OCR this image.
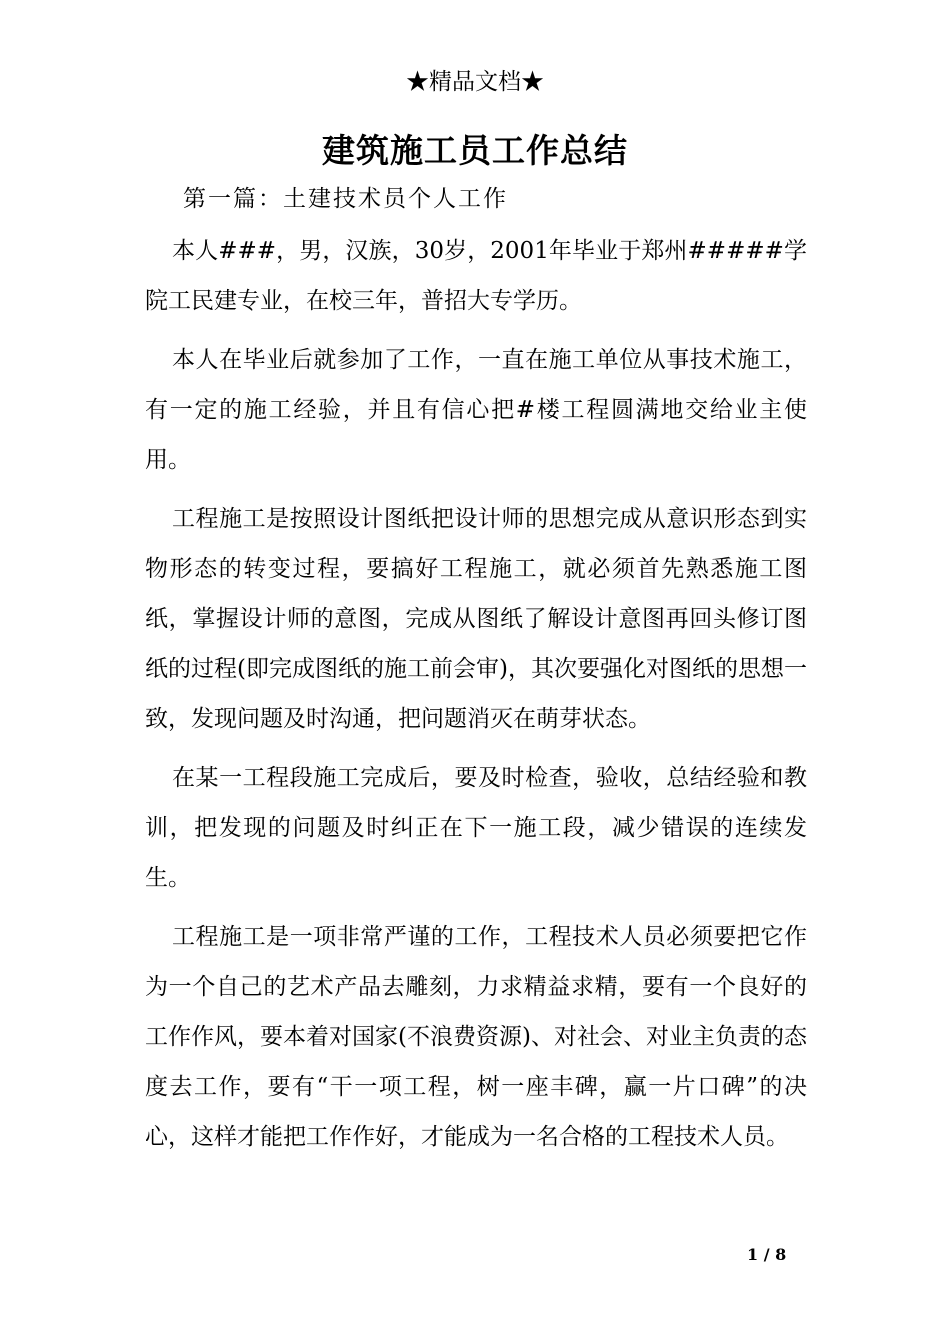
★精品文档★
建筑施工员工作总结
第一篇：土建技术员个人工作

本人###，男，汉族，30岁，2001年毕业于郑州#####学院工民建专业，在校三年，普招大专学历。

本人在毕业后就参加了工作，一直在施工单位从事技术施工，有一定的施工经验，并且有信心把#楼工程圆满地交给业主使用。

工程施工是按照设计图纸把设计师的思想完成从意识形态到实物形态的转变过程，要搞好工程施工，就必须首先熟悉施工图纸，掌握设计师的意图，完成从图纸了解设计意图再回头修订图纸的过程(即完成图纸的施工前会审)，其次要强化对图纸的思想一致，发现问题及时沟通，把问题消灭在萌芽状态。

在某一工程段施工完成后，要及时检查，验收，总结经验和教训，把发现的问题及时纠正在下一施工段，减少错误的连续发生。

工程施工是一项非常严谨的工作，工程技术人员必须要把它作为一个自己的艺术产品去雕刻，力求精益求精，要有一个良好的工作作风，要本着对国家(不浪费资源)、对社会、对业主负责的态度去工作，要有“干一项工程，树一座丰碑，赢一片口碑”的决心，这样才能把工作作好，才能成为一名合格的工程技术人员。

1 / 8
